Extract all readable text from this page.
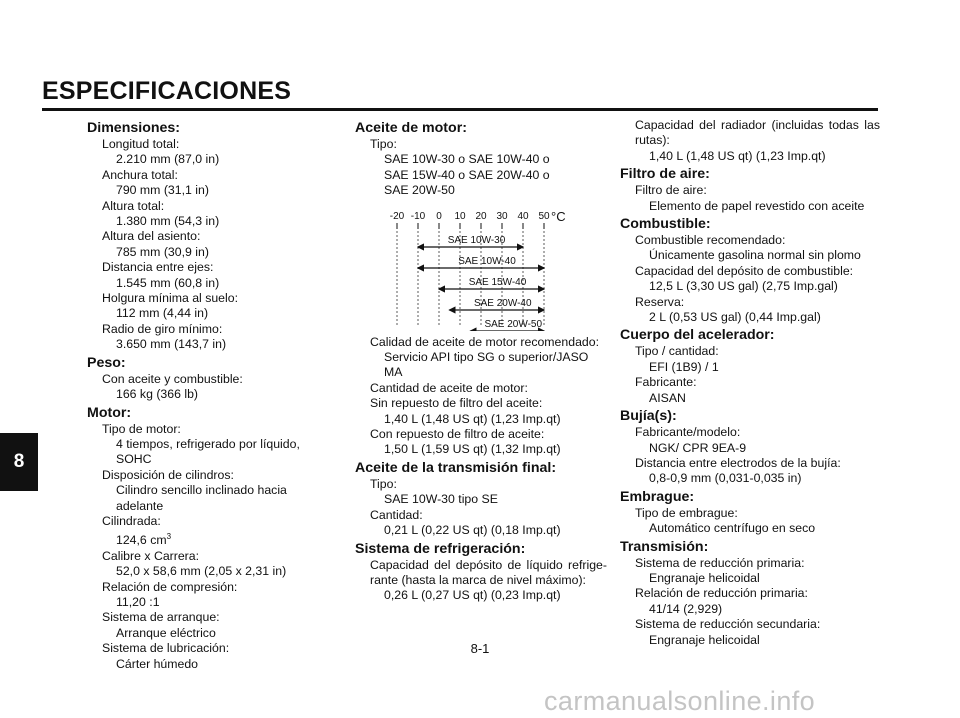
ESPECIFICACIONES
8
Dimensiones:
Longitud total:
2.210 mm (87,0 in)
Anchura total:
790 mm (31,1 in)
Altura total:
1.380 mm (54,3 in)
Altura del asiento:
785 mm (30,9 in)
Distancia entre ejes:
1.545 mm (60,8 in)
Holgura mínima al suelo:
112 mm (4,44 in)
Radio de giro mínimo:
3.650 mm (143,7 in)
Peso:
Con aceite y combustible:
166 kg (366 lb)
Motor:
Tipo de motor:
4 tiempos, refrigerado por líquido, SOHC
Disposición de cilindros:
Cilindro sencillo inclinado hacia adelante
Cilindrada:
124,6 $cm^3$
Calibre x Carrera:
52,0 x 58,6 mm (2,05 x 2,31 in)
Relación de compresión:
11,20 :1
Sistema de arranque:
Arranque eléctrico
Sistema de lubricación:
Cárter húmedo
Aceite de motor:
Tipo:
SAE 10W-30 o SAE 10W-40 o
SAE 15W-40 o SAE 20W-40 o
SAE 20W-50
-20 -10 0 10 20 30 40 50 °C
SAE 10W-30
SAE 10W-40
SAE 15W-40
SAE 20W-40
SAE 20W-50
Calidad de aceite de motor recomendado:
Servicio API tipo SG o superior/JASO MA
Cantidad de aceite de motor:
Sin repuesto de filtro del aceite:
1,40 L (1,48 US qt) (1,23 Imp.qt)
Con repuesto de filtro de aceite:
1,50 L (1,59 US qt) (1,32 Imp.qt)
Aceite de la transmisión final:
Tipo:
SAE 10W-30 tipo SE
Cantidad:
0,21 L (0,22 US qt) (0,18 Imp.qt)
Sistema de refrigeración:
Capacidad del depósito de líquido refrige-rante (hasta la marca de nivel máximo):
0,26 L (0,27 US qt) (0,23 Imp.qt)
Capacidad del radiador (incluidas todas las rutas):
1,40 L (1,48 US qt) (1,23 Imp.qt)
Filtro de aire:
Filtro de aire:
Elemento de papel revestido con aceite
Combustible:
Combustible recomendado:
Únicamente gasolina normal sin plomo
Capacidad del depósito de combustible:
12,5 L (3,30 US gal) (2,75 Imp.gal)
Reserva:
2 L (0,53 US gal) (0,44 Imp.gal)
Cuerpo del acelerador:
Tipo / cantidad:
EFI (1B9) / 1
Fabricante:
AISAN
Bujía(s):
Fabricante/modelo:
NGK/ CPR 9EA-9
Distancia entre electrodos de la bujía:
0,8-0,9 mm (0,031-0,035 in)
Embrague:
Tipo de embrague:
Automático centrífugo en seco
Transmisión:
Sistema de reducción primaria:
Engranaje helicoidal
Relación de reducción primaria:
41/14 (2,929)
Sistema de reducción secundaria:
Engranaje helicoidal
8-1
carmanualsonline.info
